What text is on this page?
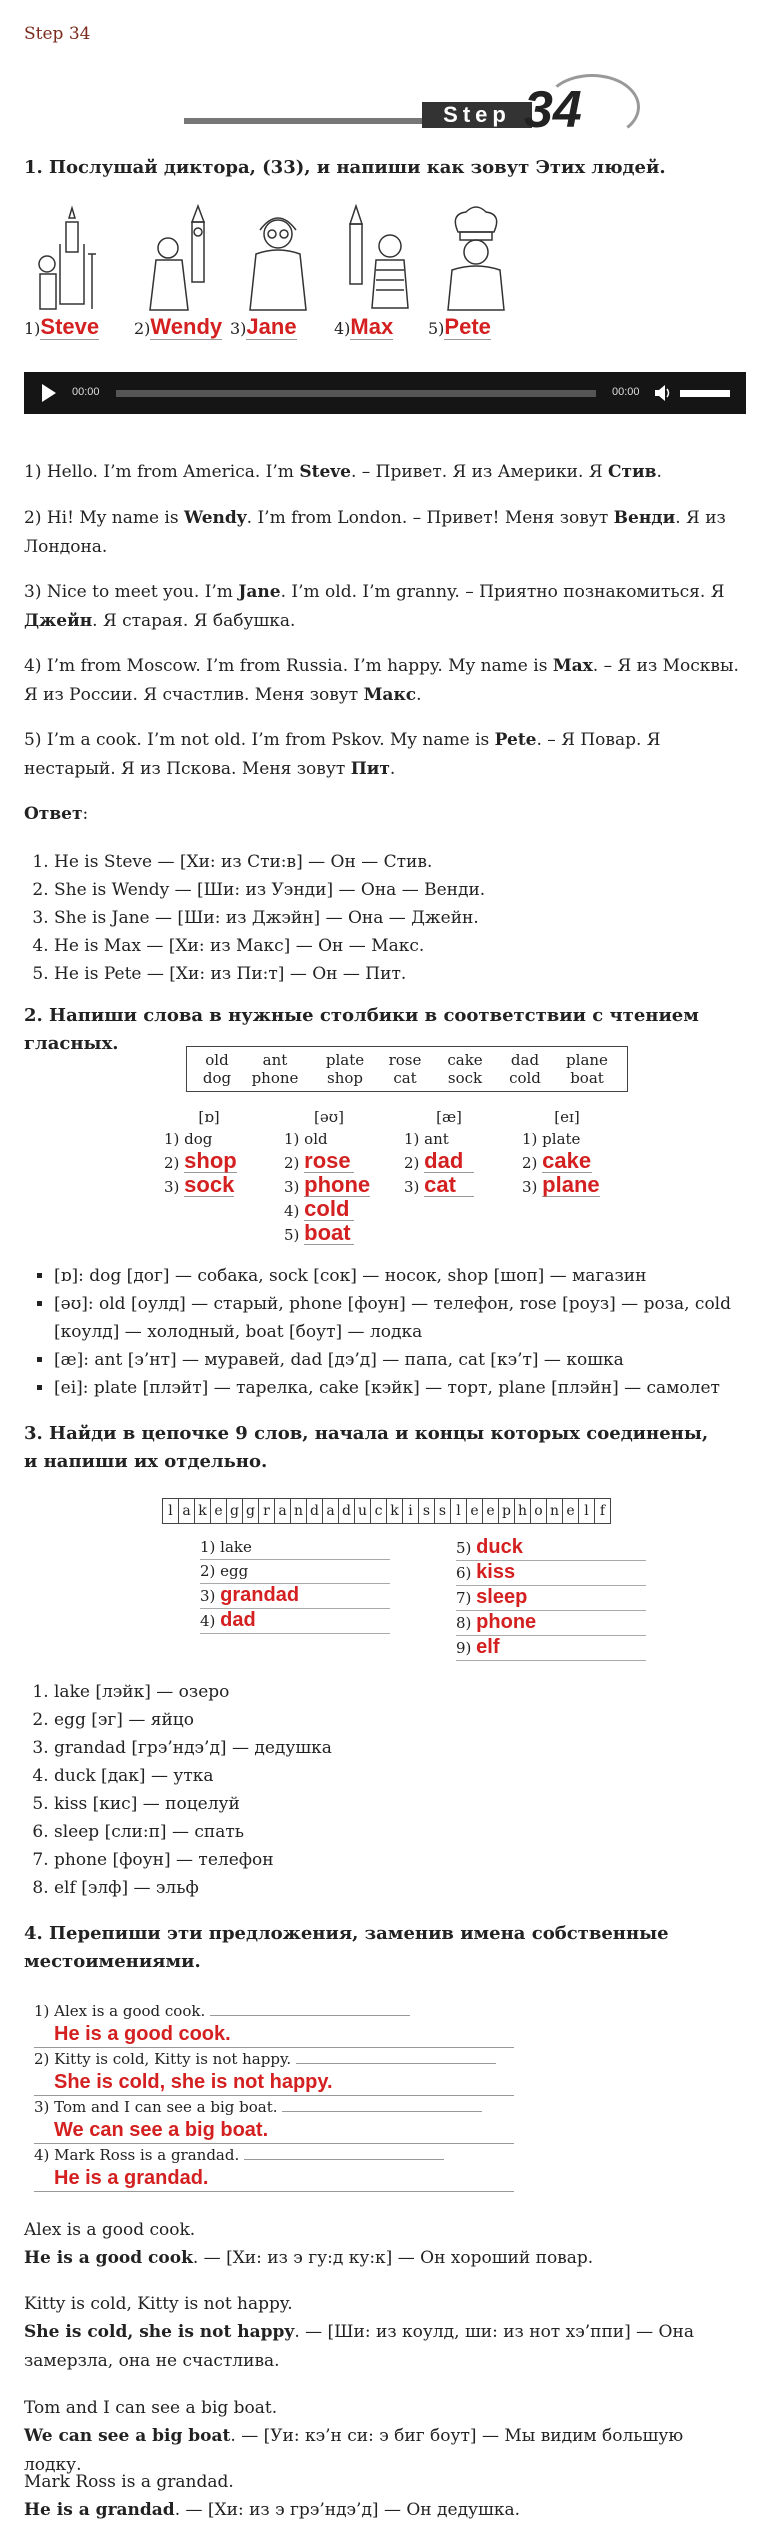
Step 34
Step 34
1. Послушай диктора, (33), и напиши как зовут Этих людей.
1)Steve 2)Wendy 3)Jane 4)Max 5)Pete
00:00	00:00

1) Hello. I’m from America. I’m Steve. – Привет. Я из Америки. Я Стив.

2) Hi! My name is Wendy. I’m from London. – Привет! Меня зовут Венди. Я из Лондона.

3) Nice to meet you. I’m Jane. I’m old. I’m granny. – Приятно познакомиться. Я Джейн. Я старая. Я бабушка.

4) I’m from Moscow. I’m from Russia. I’m happy. My name is Max. – Я из Москвы. Я из России. Я счастлив. Меня зовут Макс.

5) I’m a cook. I’m not old. I’m from Pskov. My name is Pete. – Я Повар. Я нестарый. Я из Пскова. Меня зовут Пит.

Ответ:

1. He is Steve — [Хи: из Сти:в] — Он — Стив.
2. She is Wendy — [Ши: из Уэнди] — Она — Венди.
3. She is Jane — [Ши: из Джэйн] — Она — Джейн.
4. He is Max — [Хи: из Макс] — Он — Макс.
5. He is Pete — [Хи: из Пи:т] — Он — Пит.
2. Напиши слова в нужные столбики в соответствии с чтением гласных.
old	ant	plate	rose	cake	dad	plane
dog	phone	shop	cat	sock	cold	boat
[ɒ]
1) dog
2) shop
3) sock
[əʊ]
1) old
2) rose
3) phone
4) cold
5) boat
[æ]
1) ant
2) dad
3) cat
[eɪ]
1) plate
2) cake
3) plane
▪ [ɒ]: dog [дог] — собака, sock [сок] — носок, shop [шоп] — магазин
▪ [əʊ]: old [оулд] — старый, phone [фоун] — телефон, rose [роуз] — роза, cold [коулд] — холодный, boat [боут] — лодка
▪ [æ]: ant [э’нт] — муравей, dad [дэ’д] — папа, cat [кэ’т] — кошка
▪ [ei]: plate [плэйт] — тарелка, cake [кэйк] — торт, plane [плэйн] — самолет
3. Найди в цепочке 9 слов, начала и концы которых соединены, и напиши их отдельно.
l a k e g g r a n d a d u c k i s s l e e p h o n e l f
1) lake
2) egg
3) grandad
4) dad
5) duck
6) kiss
7) sleep
8) phone
9) elf
1. lake [лэйк] — озеро
2. egg [эг] — яйцо
3. grandad [грэ’ндэ’д] — дедушка
4. duck [дак] — утка
5. kiss [кис] — поцелуй
6. sleep [сли:п] — спать
7. phone [фоун] — телефон
8. elf [элф] — эльф
4. Перепиши эти предложения, заменив имена собственные местоимениями.
1) Alex is a good cook.
He is a good cook.
2) Kitty is cold, Kitty is not happy.
She is cold, she is not happy.
3) Tom and I can see a big boat.
We can see a big boat.
4) Mark Ross is a grandad.
He is a grandad.

Alex is a good cook.

He is a good cook. — [Хи: из э гу:д ку:к] — Он хороший повар.

Kitty is cold, Kitty is not happy.

She is cold, she is not happy. — [Ши: из коулд, ши: из нот хэ’ппи] — Она замерзла, она не счастлива.

Tom and I can see a big boat.

We can see a big boat. — [Уи: кэ’н си: э биг боут] — Мы видим большую лодку.

Mark Ross is a grandad.

He is a grandad. — [Хи: из э грэ’ндэ’д] — Он дедушка.
